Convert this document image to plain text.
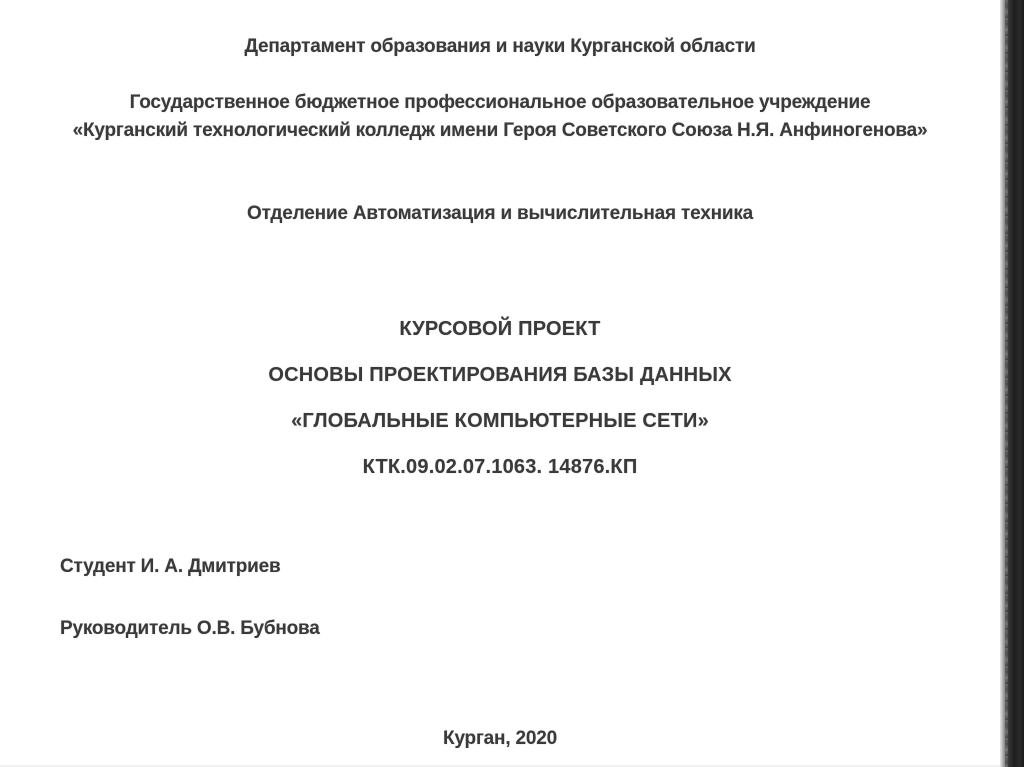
Департамент образования и науки Курганской области
Государственное бюджетное профессиональное образовательное учреждение
«Курганский технологический колледж имени Героя Советского Союза Н.Я. Анфиногенова»
Отделение Автоматизация и вычислительная техника
КУРСОВОЙ ПРОЕКТ
ОСНОВЫ ПРОЕКТИРОВАНИЯ БАЗЫ ДАННЫХ
«ГЛОБАЛЬНЫЕ КОМПЬЮТЕРНЫЕ СЕТИ»
КТК.09.02.07.1063. 14876.КП
Студент И. А. Дмитриев
Руководитель О.В. Бубнова
Курган, 2020
